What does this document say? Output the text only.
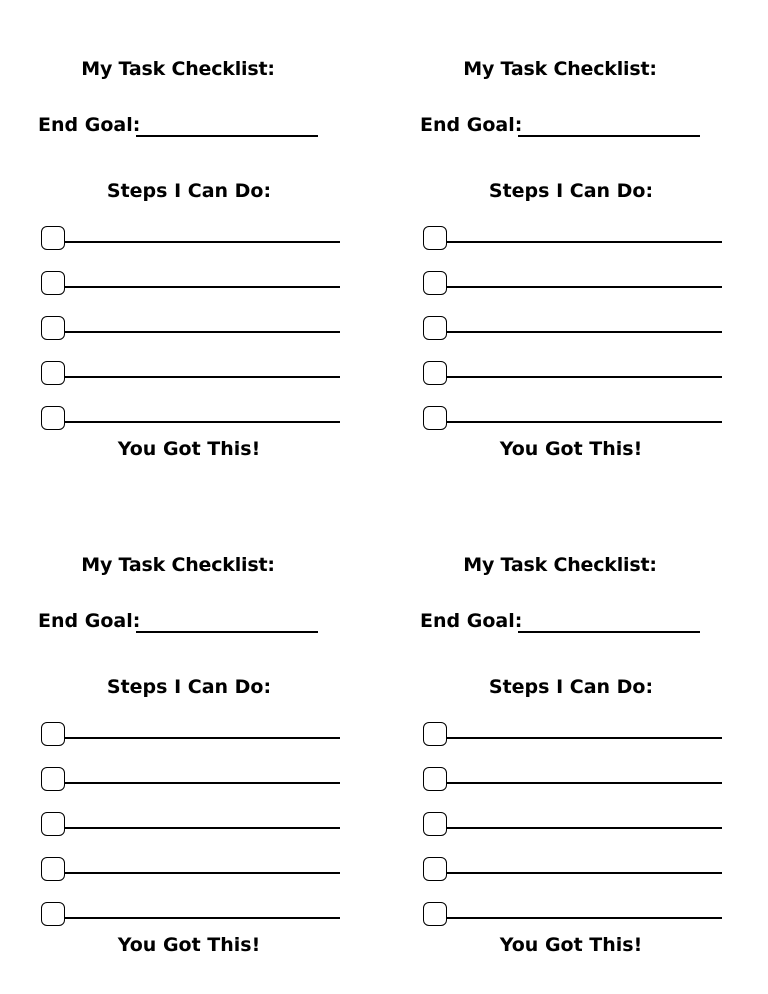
My Task Checklist:
End Goal:
Steps I Can Do:
You Got This!
My Task Checklist:
End Goal:
Steps I Can Do:
You Got This!
My Task Checklist:
End Goal:
Steps I Can Do:
You Got This!
My Task Checklist:
End Goal:
Steps I Can Do:
You Got This!
